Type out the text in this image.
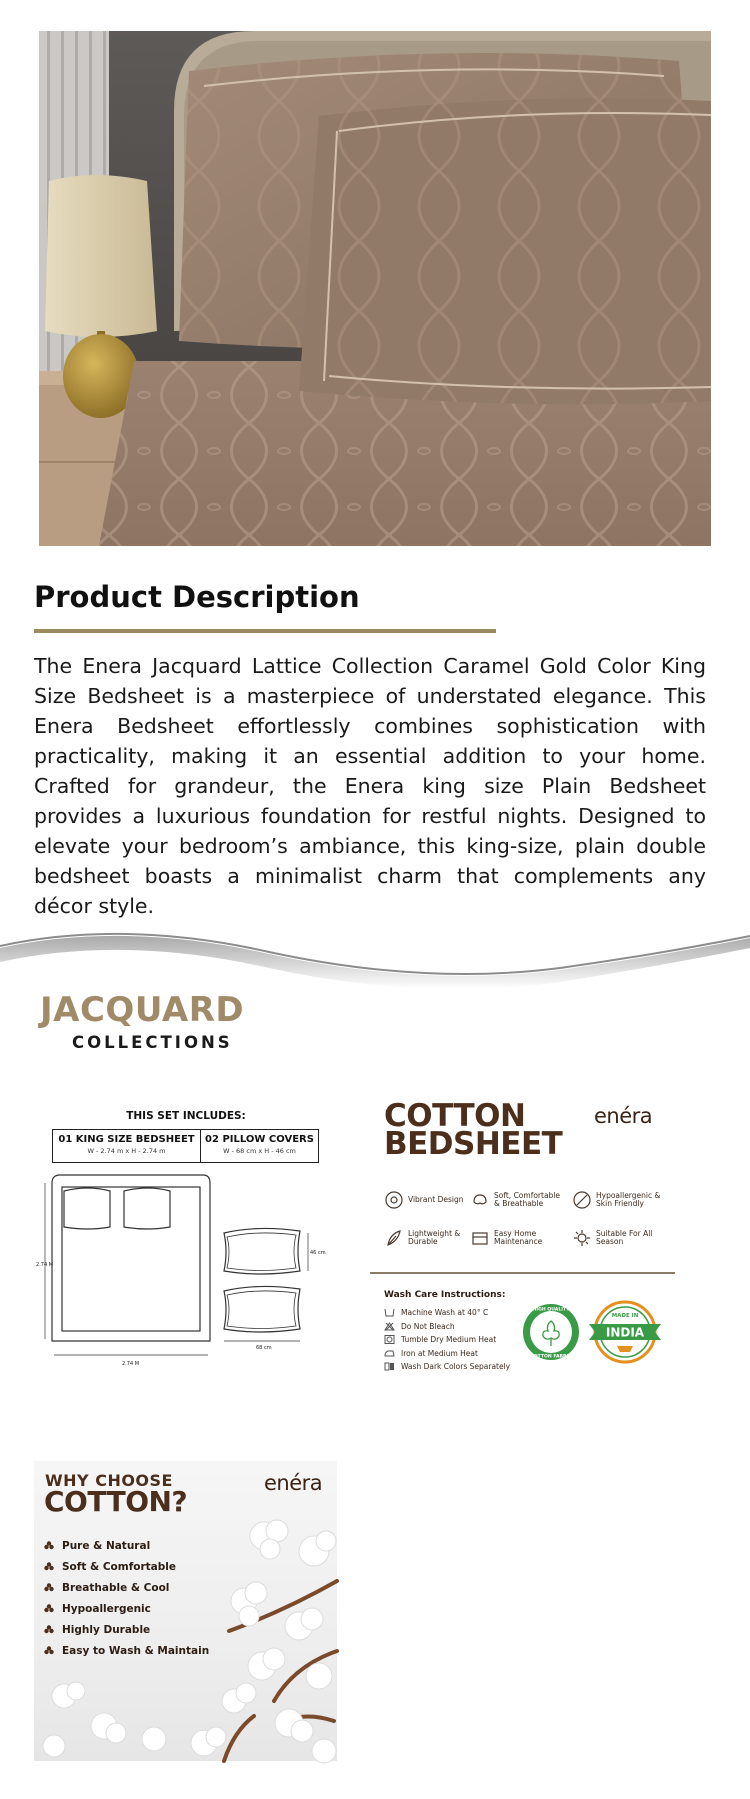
Product Description

The Enera Jacquard Lattice Collection Caramel Gold Color King Size Bedsheet is a masterpiece of understated elegance. This Enera Bedsheet effortlessly combines sophistication with practicality, making it an essential addition to your home. Crafted for grandeur, the Enera king size Plain Bedsheet provides a luxurious foundation for restful nights. Designed to elevate your bedroom’s ambiance, this king-size, plain double bedsheet boasts a minimalist charm that complements any décor style.

JACQUARD
COLLECTIONS
THIS SET INCLUDES:
01 KING SIZE BEDSHEET
W - 2.74 m x H - 2.74 m
02 PILLOW COVERS
W - 68 cm x H - 46 cm
2.74 M
2.74 M
46 cm
68 cm
COTTON
BEDSHEET
enéra
Vibrant Design	Soft, Comfortable & Breathable
Hypoallergenic & Skin Friendly
Lightweight & Durable
Easy Home Maintenance
Suitable For All Season
Wash Care Instructions:
Machine Wash at 40° C
Do Not Bleach
Tumble Dry Medium Heat
Iron at Medium Heat
Wash Dark Colors Separately
HIGH QUALITY
COTTON FABRIC
MADE IN
INDIA
WHY CHOOSE
COTTON?
enéra
Pure & Natural
Soft & Comfortable
Breathable & Cool
Hypoallergenic
Highly Durable
Easy to Wash & Maintain
